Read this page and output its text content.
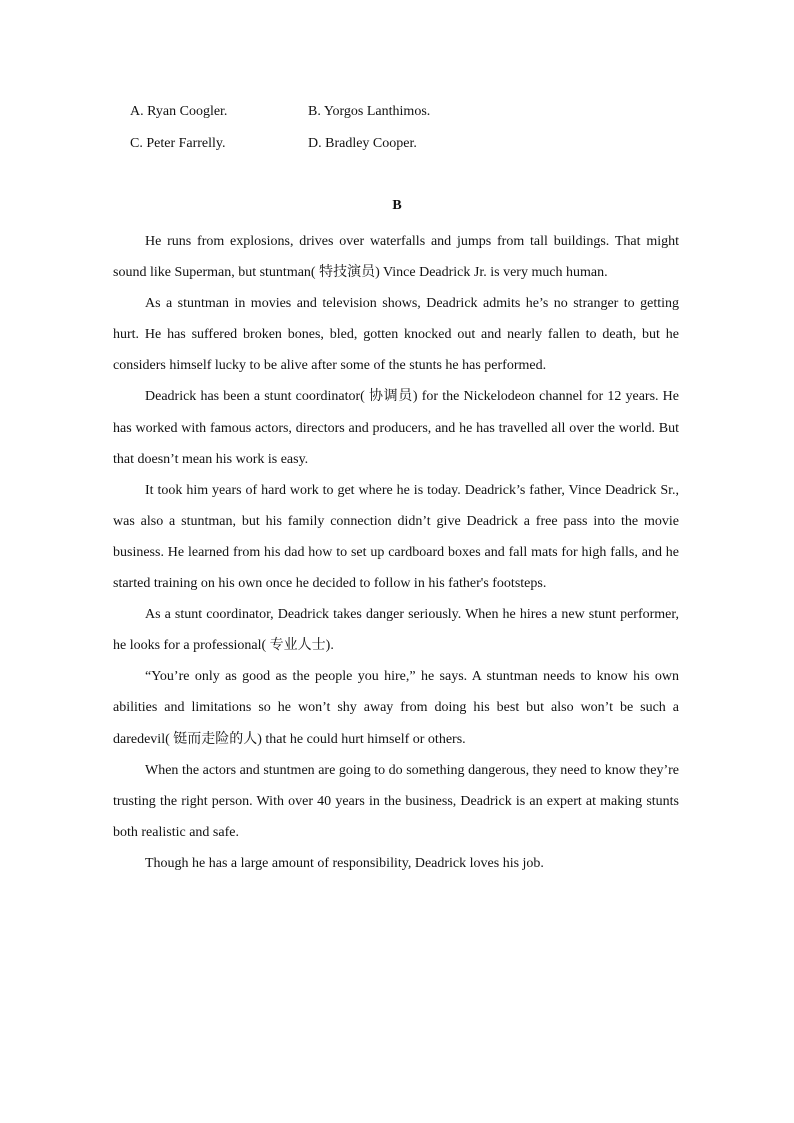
A. Ryan Coogler.	B. Yorgos Lanthimos.
C. Peter Farrelly.	D. Bradley Cooper.
B

He runs from explosions, drives over waterfalls and jumps from tall buildings. That might sound like Superman, but stuntman( 特技演员) Vince Deadrick Jr. is very much human.

As a stuntman in movies and television shows, Deadrick admits he’s no stranger to getting hurt. He has suffered broken bones, bled, gotten knocked out and nearly fallen to death, but he considers himself lucky to be alive after some of the stunts he has performed.

Deadrick has been a stunt coordinator( 协调员) for the Nickelodeon channel for 12 years. He has worked with famous actors, directors and producers, and he has travelled all over the world. But that doesn’t mean his work is easy.

It took him years of hard work to get where he is today. Deadrick’s father, Vince Deadrick Sr., was also a stuntman, but his family connection didn’t give Deadrick a free pass into the movie business. He learned from his dad how to set up cardboard boxes and fall mats for high falls, and he started training on his own once he decided to follow in his father's footsteps.

As a stunt coordinator, Deadrick takes danger seriously. When he hires a new stunt performer, he looks for a professional( 专业人士).

“You’re only as good as the people you hire,” he says. A stuntman needs to know his own abilities and limitations so he won’t shy away from doing his best but also won’t be such a daredevil( 铤而走险的人) that he could hurt himself or others.

When the actors and stuntmen are going to do something dangerous, they need to know they’re trusting the right person. With over 40 years in the business, Deadrick is an expert at making stunts both realistic and safe.

Though he has a large amount of responsibility, Deadrick loves his job.
